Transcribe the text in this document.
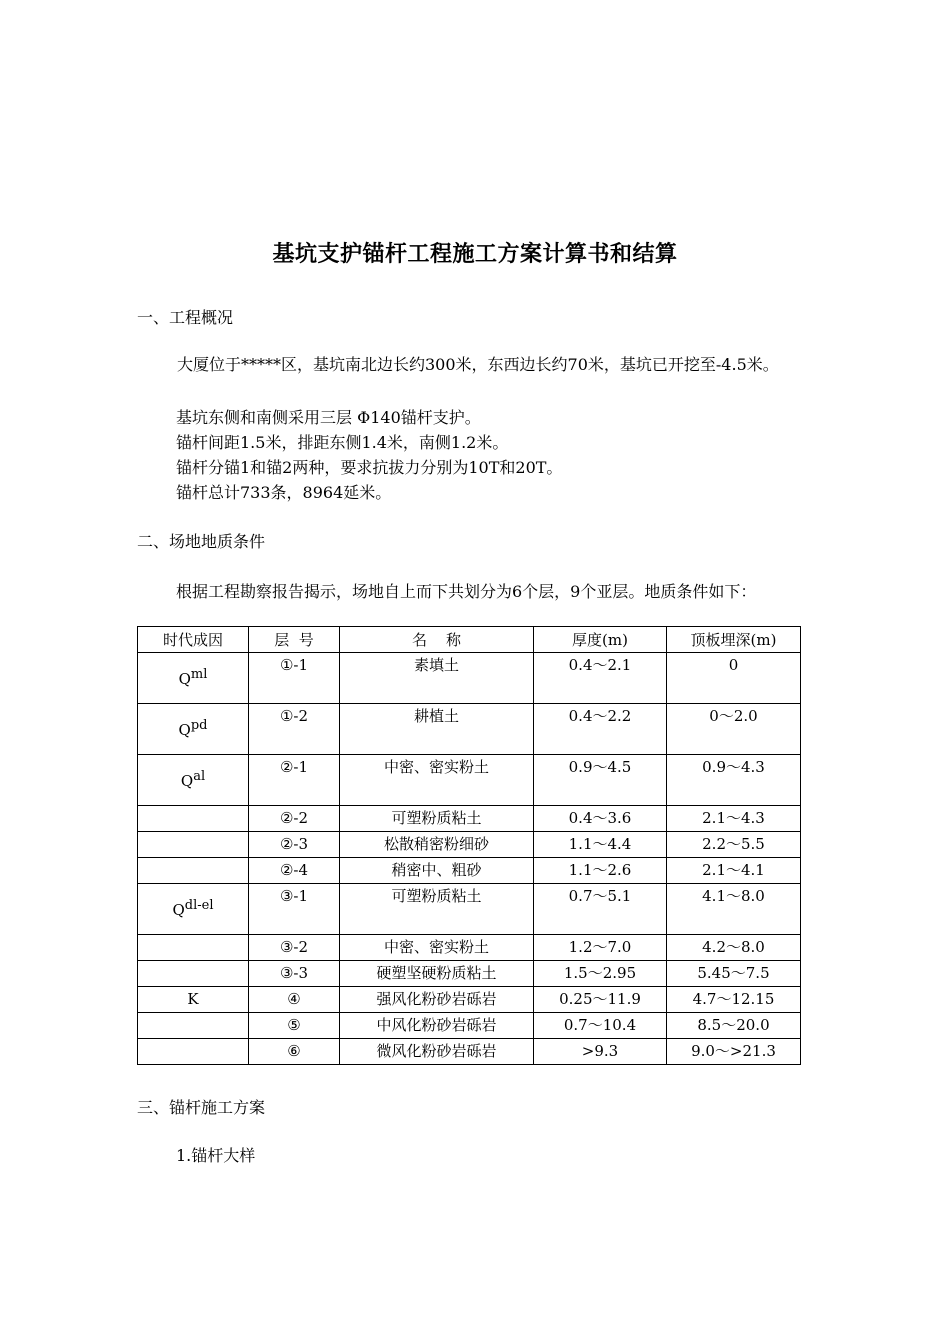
基坑支护锚杆工程施工方案计算书和结算

一、工程概况

大厦位于*****区，基坑南北边长约300米，东西边长约70米，基坑已开挖至-4.5米。

基坑东侧和南侧采用三层 Φ140锚杆支护。

锚杆间距1.5米，排距东侧1.4米，南侧1.2米。

锚杆分锚1和锚2两种，要求抗拔力分别为10T和20T。

锚杆总计733条，8964延米。

二、场地地质条件

根据工程勘察报告揭示，场地自上而下共划分为6个层，9个亚层。地质条件如下：

时代成因	层  号	名    称	厚度(m)	顶板埋深(m)
$Q^{ml}$	①-1	素填土	0.4～2.1	0
$Q^{pd}$	①-2	耕植土	0.4～2.2	0～2.0
$Q^{al}$	②-1	中密、密实粉土	0.9～4.5	0.9～4.3
	②-2	可塑粉质粘土	0.4～3.6	2.1～4.3
	②-3	松散稍密粉细砂	1.1～4.4	2.2～5.5
	②-4	稍密中、粗砂	1.1～2.6	2.1～4.1
$Q^{dl-el}$	③-1	可塑粉质粘土	0.7～5.1	4.1～8.0
	③-2	中密、密实粉土	1.2～7.0	4.2～8.0
	③-3	硬塑坚硬粉质粘土	1.5～2.95	5.45～7.5
K	④	强风化粉砂岩砾岩	0.25～11.9	4.7～12.15
	⑤	中风化粉砂岩砾岩	0.7～10.4	8.5～20.0
	⑥	微风化粉砂岩砾岩	>9.3	9.0～>21.3

三、锚杆施工方案

1.锚杆大样
